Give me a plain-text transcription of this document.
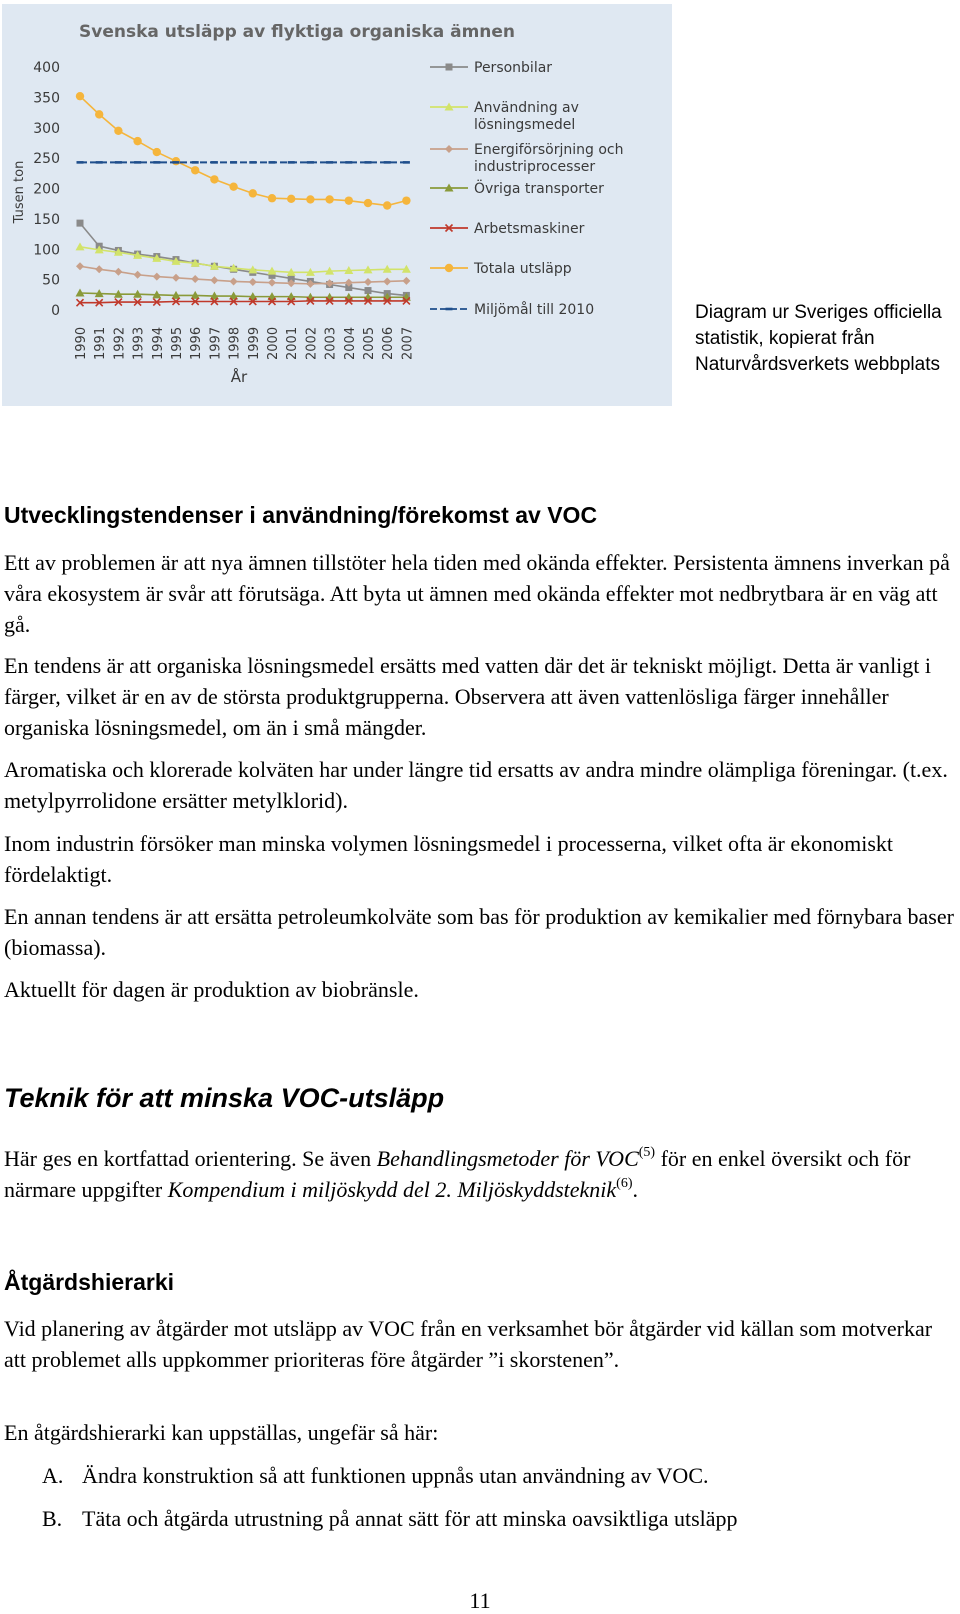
Svenska utsläpp av flyktiga organiska ämnen
400
350
300
250
200
150
100
50
0
Tusen ton
1990 1991 1992 1993 1994 1995 1996 1997 1998 1999 2000 2001 2002 2003 2004 2005 2006 2007
År
Personbilar
Användning av lösningsmedel
Energiförsörjning och industriprocesser
Övriga transporter
Arbetsmaskiner
Totala utsläpp
Miljömål till 2010	Diagram ur Sveriges officiella statistik, kopierat från Naturvårdsverkets webbplats
Utvecklingstendenser i användning/förekomst av VOC

Ett av problemen är att nya ämnen tillstöter hela tiden med okända effekter. Persistenta ämnens inverkan på våra ekosystem är svår att förutsäga. Att byta ut ämnen med okända effekter mot nedbrytbara är en väg att gå.

En tendens är att organiska lösningsmedel ersätts med vatten där det är tekniskt möjligt. Detta är vanligt i färger, vilket är en av de största produktgrupperna. Observera att även vattenlösliga färger innehåller organiska lösningsmedel, om än i små mängder.

Aromatiska och klorerade kolväten har under längre tid ersatts av andra mindre olämpliga föreningar. (t.ex. metylpyrrolidone ersätter metylklorid).

Inom industrin försöker man minska volymen lösningsmedel i processerna, vilket ofta är ekonomiskt fördelaktigt.

En annan tendens är att ersätta petroleumkolväte som bas för produktion av kemikalier med förnybara baser (biomassa).

Aktuellt för dagen är produktion av biobränsle.

Teknik för att minska VOC-utsläpp

Här ges en kortfattad orientering. Se även Behandlingsmetoder för VOC$^{(5)}$ för en enkel översikt och för närmare uppgifter Kompendium i miljöskydd del 2. Miljöskyddsteknik$^{(6)}$.

Åtgärdshierarki

Vid planering av åtgärder mot utsläpp av VOC från en verksamhet bör åtgärder vid källan som motverkar att problemet alls uppkommer prioriteras före åtgärder ”i skorstenen”.

En åtgärdshierarki kan uppställas, ungefär så här:

A. Ändra konstruktion så att funktionen uppnås utan användning av VOC.
B. Täta och åtgärda utrustning på annat sätt för att minska oavsiktliga utsläpp
11
